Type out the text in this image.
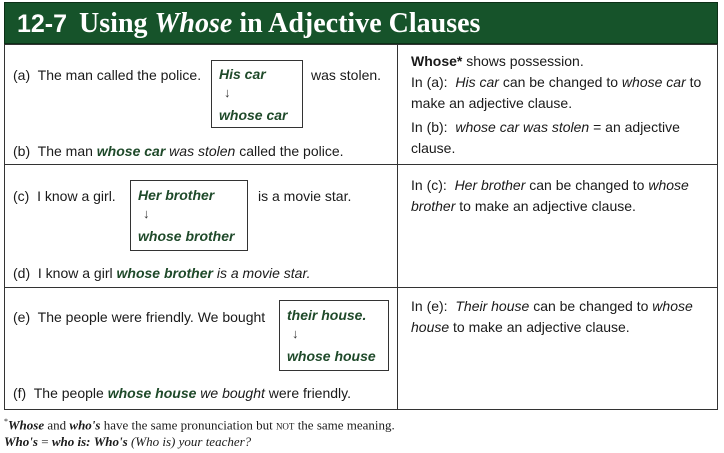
12-7 Using Whose in Adjective Clauses
(a) The man called the police. His car
↓
whose car
was stolen.
(b) The man whose car was stolen called the police.
Whose* shows possession.
In (a): His car can be changed to whose car to make an adjective clause.
In (b): whose car was stolen = an adjective clause.
(c) I know a girl. Her brother
↓
whose brother
is a movie star.
(d) I know a girl whose brother is a movie star.
In (c): Her brother can be changed to whose brother to make an adjective clause.
(e) The people were friendly. We bought their house.
↓
whose house
(f) The people whose house we bought were friendly.
In (e): Their house can be changed to whose house to make an adjective clause.
*Whose and who's have the same pronunciation but not the same meaning.
Who's = who is: Who's (Who is) your teacher?
